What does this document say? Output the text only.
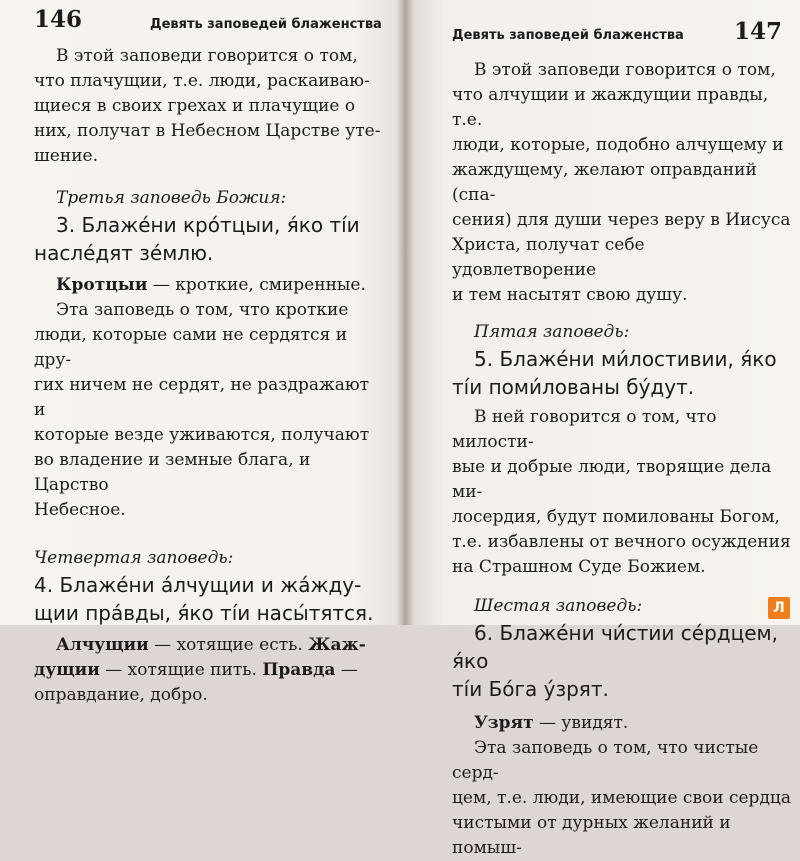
146	Девять заповедей блаженства

В этой заповеди говорится о том,

что плачущии, т.е. люди, раскаиваю-

щиеся в своих грехах и плачущие о

них, получат в Небесном Царстве уте-

шение.

Третья заповедь Божия:

3. Блаже́ни кро́тцыи, я́ко ті́и

насле́дят зе́млю.

Кротцыи — кроткие, смиренные.

Эта заповедь о том, что кроткие

люди, которые сами не сердятся и дру-

гих ничем не сердят, не раздражают и

которые везде уживаются, получают

во владение и земные блага, и Царство

Небесное.

Четвертая заповедь:

4. Блаже́ни а́лчущии и жа́жду-

щии пра́вды, я́ко ті́и насы́тятся.

Алчущии — хотящие есть. Жаж-

дущии — хотящие пить. Правда —

оправдание, добро.

Девять заповедей блаженства 147

В этой заповеди говорится о том,

что алчущии и жаждущии правды, т.е.

люди, которые, подобно алчущему и

жаждущему, желают оправданий (спа-

сения) для души через веру в Иисуса

Христа, получат себе удовлетворение

и тем насытят свою душу.

Пятая заповедь:

5. Блаже́ни ми́лостивии, я́ко

ті́и поми́лованы бу́дут.

В ней говорится о том, что милости-

вые и добрые люди, творящие дела ми-

лосердия, будут помилованы Богом,

т.е. избавлены от вечного осуждения

на Страшном Суде Божием.

Шестая заповедь:

6. Блаже́ни чи́стии се́рдцем, я́ко

ті́и Бо́га у́зрят.

Узрят — увидят.

Эта заповедь о том, что чистые серд-

цем, т.е. люди, имеющие свои сердца

чистыми от дурных желаний и помыш-

Л
